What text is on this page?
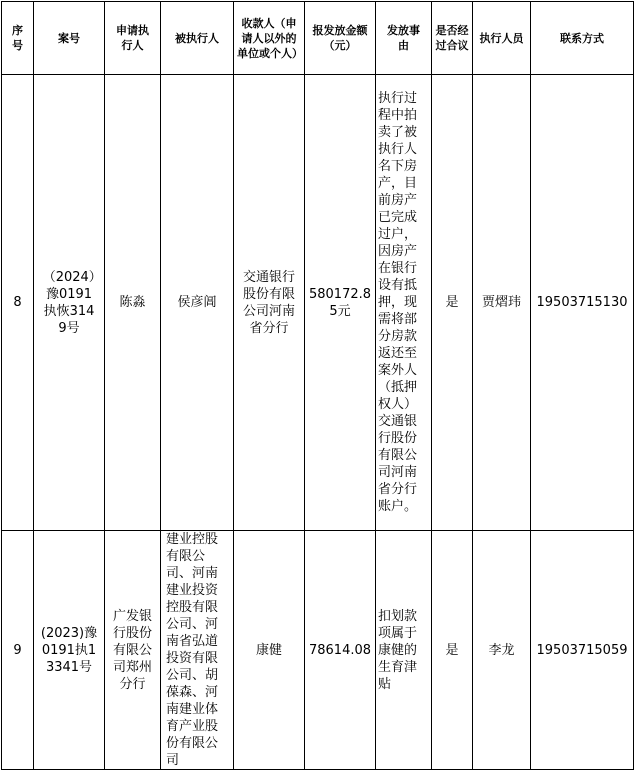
序号	案号	申请执行人	被执行人	收款人（申请人以外的单位或个人）	报发放金额（元）	发放事由	是否经过合议	执行人员	联系方式
8	（2024）豫0191执恢3149号	陈淼	侯彦阊	交通银行股份有限公司河南省分行	580172.85元	执行过程中拍卖了被执行人名下房产，目前房产已完成过户，因房产在银行设有抵押，现需将部分房款返还至案外人（抵押权人）交通银行股份有限公司河南省分行账户。	是	贾熠玮	19503715130
9	(2023)豫0191执13341号	广发银行股份有限公司郑州分行	建业控股有限公司、河南建业投资控股有限公司、河南省弘道投资有限公司、胡葆森、河南建业体育产业股份有限公司	康健	78614.08	扣划款项属于康健的生育津贴	是	李龙	19503715059
